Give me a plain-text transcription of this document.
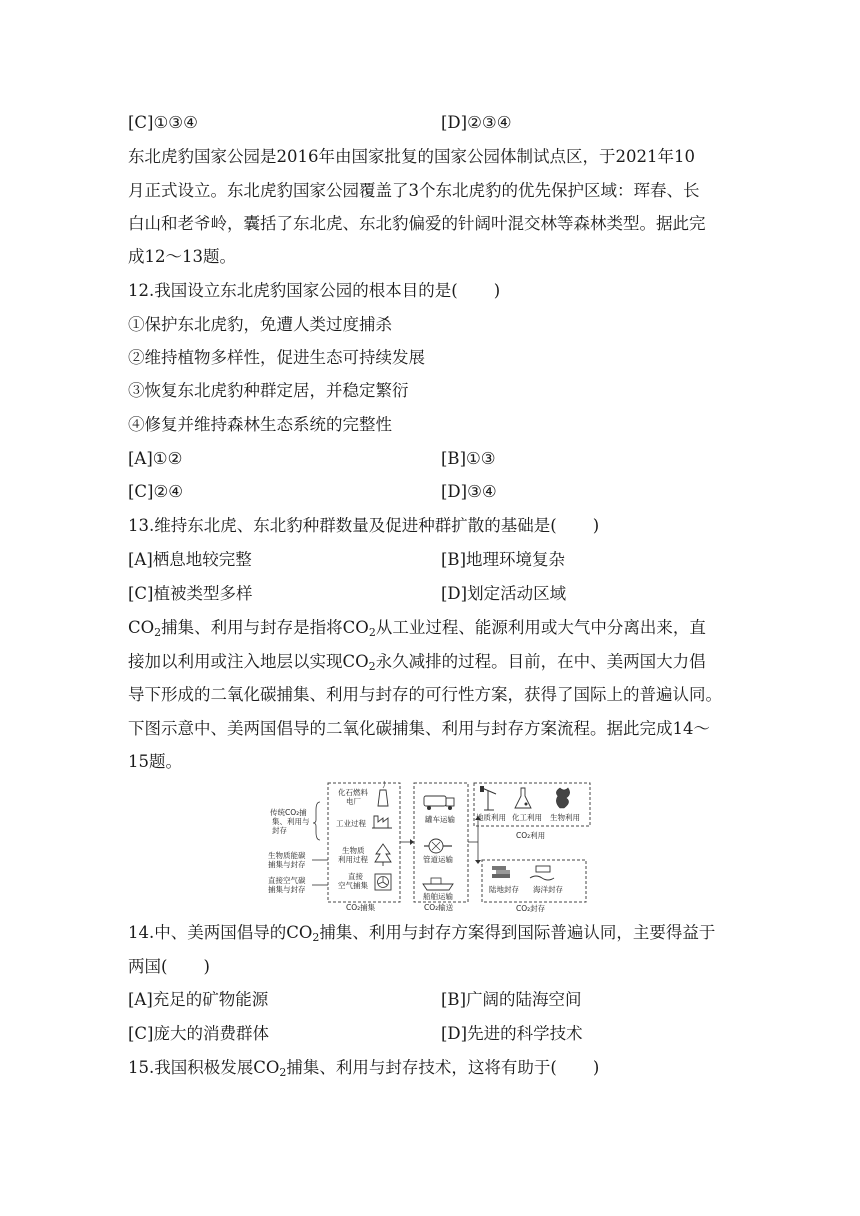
[C]①③④	[D]②③④
东北虎豹国家公园是2016年由国家批复的国家公园体制试点区，于2021年10
月正式设立。东北虎豹国家公园覆盖了3个东北虎豹的优先保护区域：珲春、长
白山和老爷岭，囊括了东北虎、东北豹偏爱的针阔叶混交林等森林类型。据此完
成12～13题。
12.我国设立东北虎豹国家公园的根本目的是( )
①保护东北虎豹，免遭人类过度捕杀
②维持植物多样性，促进生态可持续发展
③恢复东北虎豹种群定居，并稳定繁衍
④修复并维持森林生态系统的完整性
[A]①②	[B]①③
[C]②④	[D]③④
13.维持东北虎、东北豹种群数量及促进种群扩散的基础是( )
[A]栖息地较完整	[B]地理环境复杂
[C]植被类型多样	[D]划定活动区域
$CO_2$捕集、利用与封存是指将$CO_2$从工业过程、能源利用或大气中分离出来，直
接加以利用或注入地层以实现$CO_2$永久减排的过程。目前，在中、美两国大力倡
导下形成的二氧化碳捕集、利用与封存的可行性方案，获得了国际上的普遍认同。
下图示意中、美两国倡导的二氧化碳捕集、利用与封存方案流程。据此完成14～
15题。
传统CO₂捕
集、利用与
封存
生物质能碳
捕集与封存
直接空气碳
捕集与封存
化石燃料
电厂
工业过程
生物质
利用过程
直接
空气捕集
CO₂捕集
罐车运输
管道运输
船舶运输
CO₂输送
地质利用 化工利用 生物利用
CO₂利用
陆地封存 海洋封存
CO₂封存
14.中、美两国倡导的$CO_2$捕集、利用与封存方案得到国际普遍认同，主要得益于
两国( )
[A]充足的矿物能源	[B]广阔的陆海空间
[C]庞大的消费群体	[D]先进的科学技术
15.我国积极发展$CO_2$捕集、利用与封存技术，这将有助于( )
